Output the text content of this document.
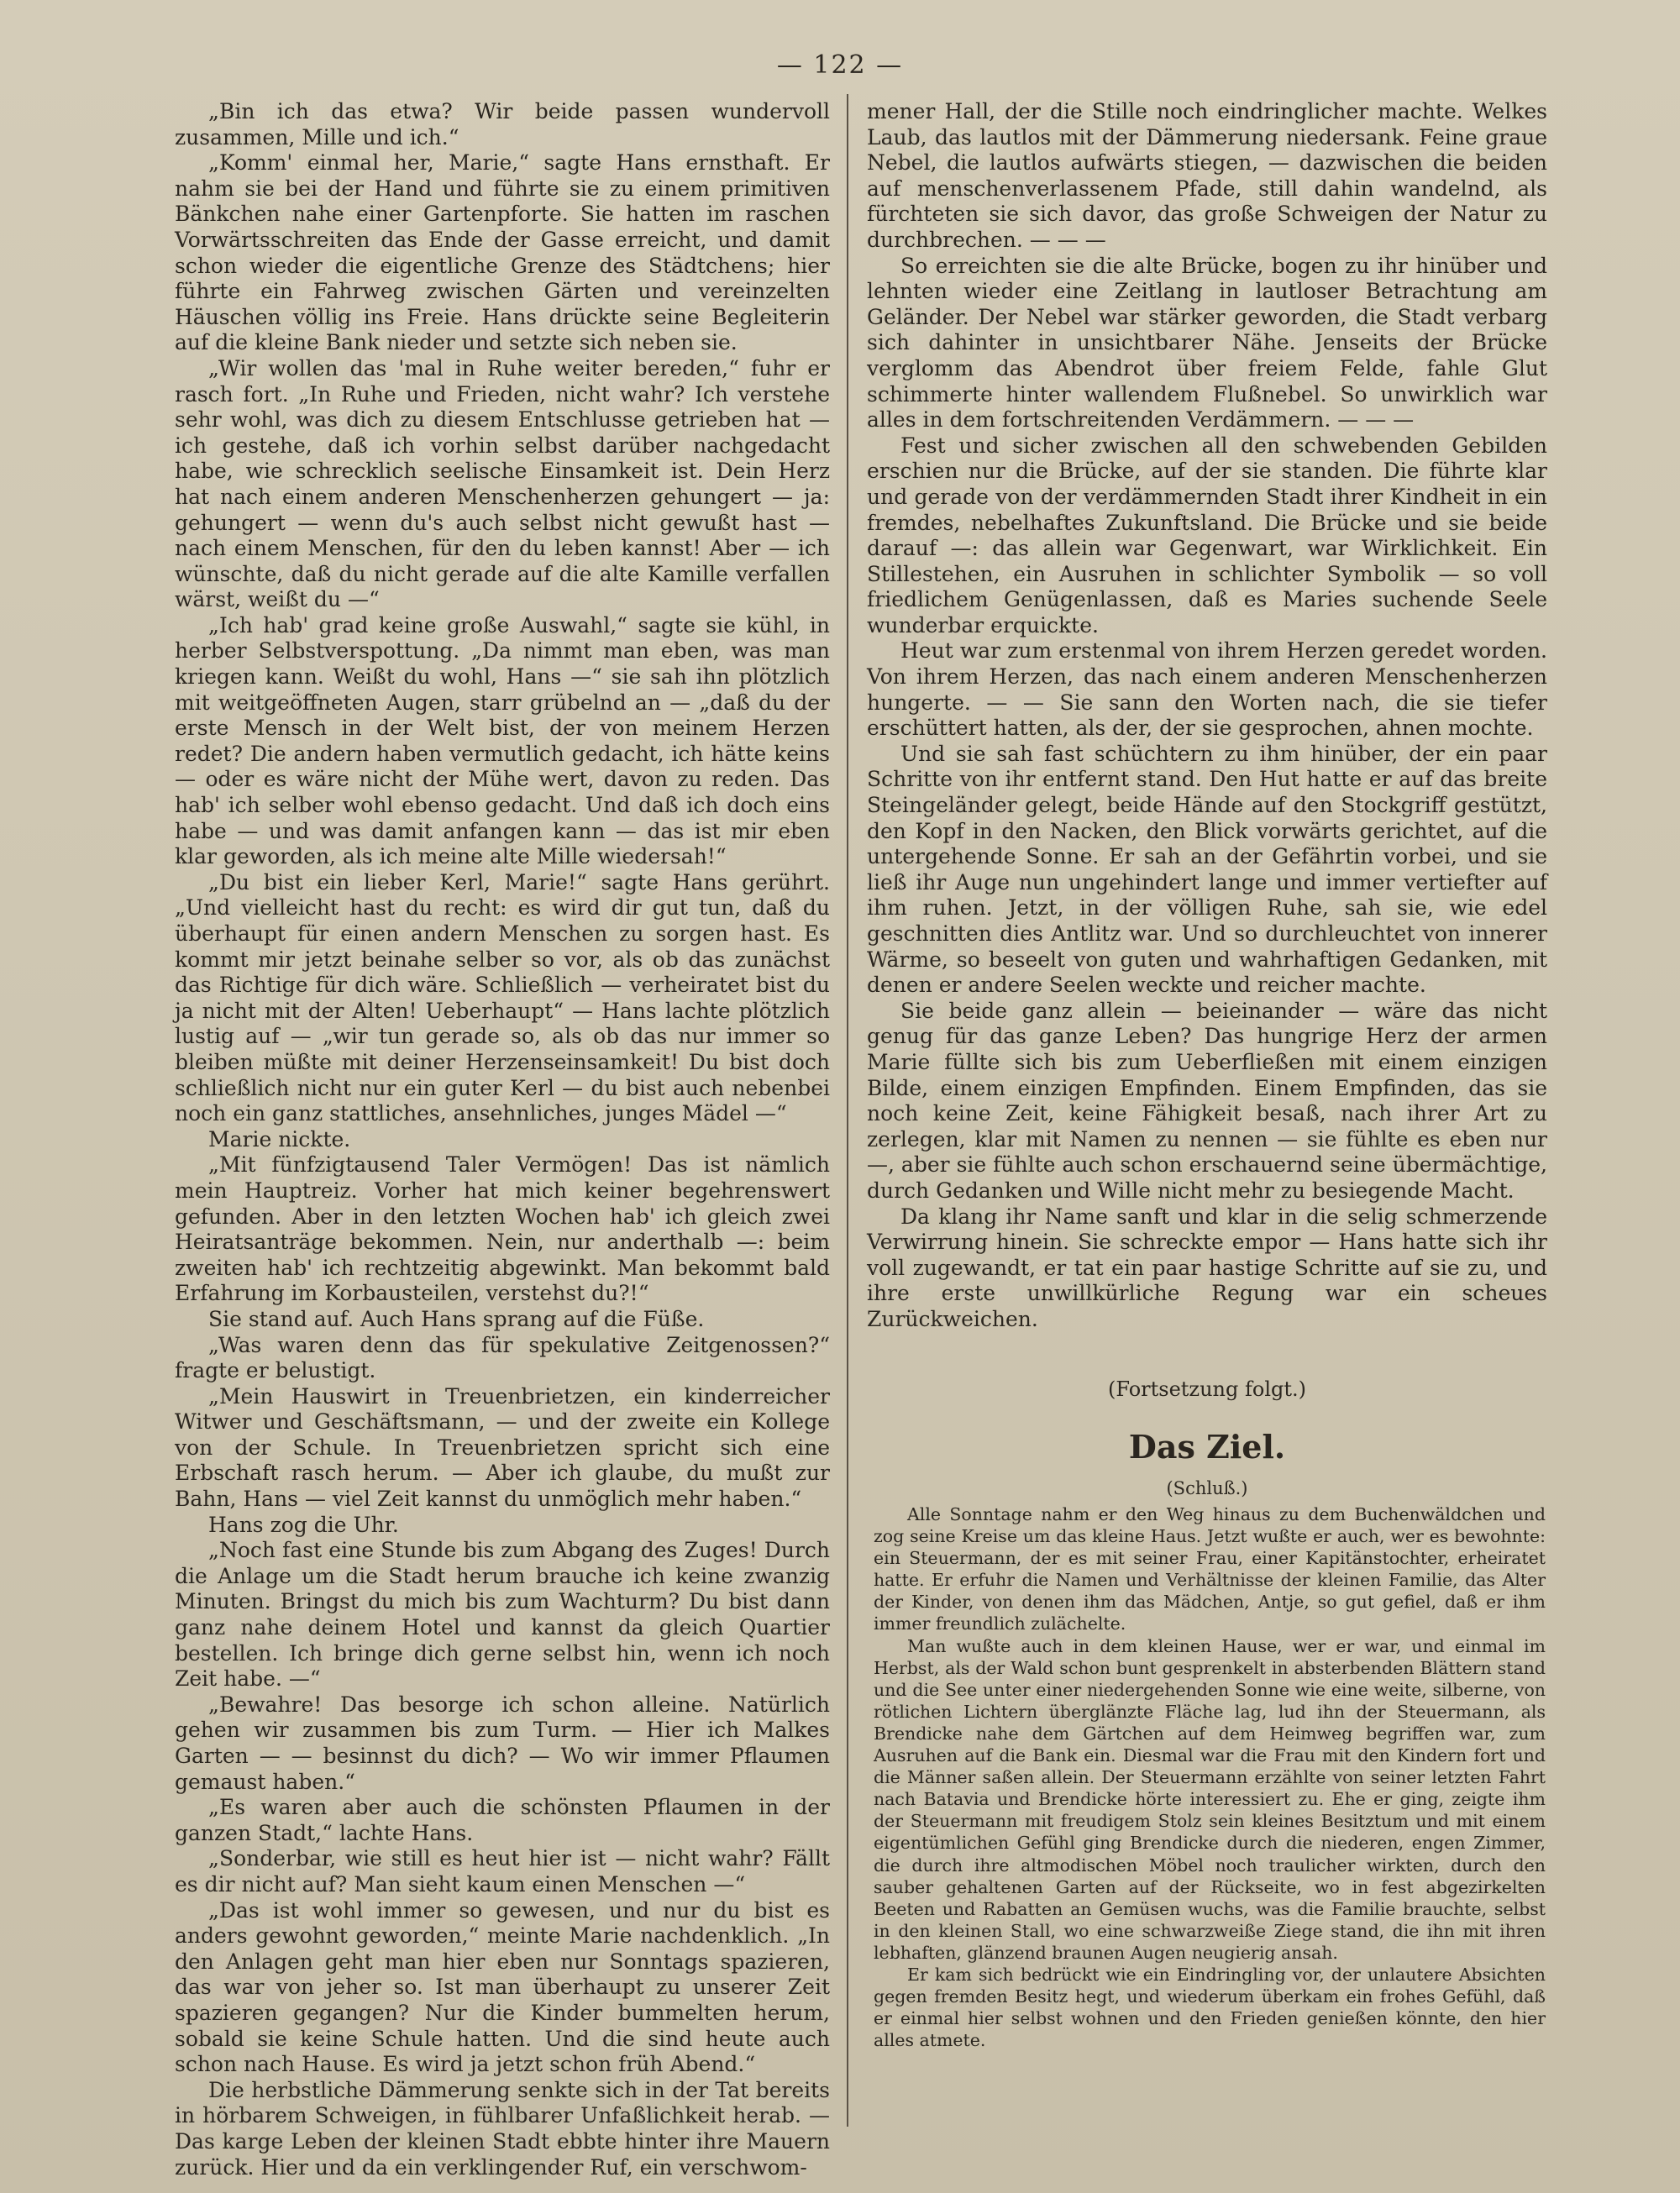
— 122 —

„Bin ich das etwa? Wir beide passen wundervoll zusammen, Mille und ich.“

„Komm' einmal her, Marie,“ sagte Hans ernsthaft. Er nahm sie bei der Hand und führte sie zu einem primitiven Bänkchen nahe einer Gartenpforte. Sie hatten im raschen Vorwärtsschreiten das Ende der Gasse erreicht, und damit schon wieder die eigentliche Grenze des Städtchens; hier führte ein Fahrweg zwischen Gärten und vereinzelten Häuschen völlig ins Freie. Hans drückte seine Begleiterin auf die kleine Bank nieder und setzte sich neben sie.

„Wir wollen das 'mal in Ruhe weiter bereden,“ fuhr er rasch fort. „In Ruhe und Frieden, nicht wahr? Ich verstehe sehr wohl, was dich zu diesem Entschlusse getrieben hat — ich gestehe, daß ich vorhin selbst darüber nachgedacht habe, wie schrecklich seelische Einsamkeit ist. Dein Herz hat nach einem anderen Menschenherzen gehungert — ja: gehungert — wenn du's auch selbst nicht gewußt hast — nach einem Menschen, für den du leben kannst! Aber — ich wünschte, daß du nicht gerade auf die alte Kamille verfallen wärst, weißt du —“

„Ich hab' grad keine große Auswahl,“ sagte sie kühl, in herber Selbstverspottung. „Da nimmt man eben, was man kriegen kann. Weißt du wohl, Hans —“ sie sah ihn plötzlich mit weitgeöffneten Augen, starr grübelnd an — „daß du der erste Mensch in der Welt bist, der von meinem Herzen redet? Die andern haben vermutlich gedacht, ich hätte keins — oder es wäre nicht der Mühe wert, davon zu reden. Das hab' ich selber wohl ebenso gedacht. Und daß ich doch eins habe — und was damit anfangen kann — das ist mir eben klar geworden, als ich meine alte Mille wiedersah!“

„Du bist ein lieber Kerl, Marie!“ sagte Hans gerührt. „Und vielleicht hast du recht: es wird dir gut tun, daß du überhaupt für einen andern Menschen zu sorgen hast. Es kommt mir jetzt beinahe selber so vor, als ob das zunächst das Richtige für dich wäre. Schließlich — verheiratet bist du ja nicht mit der Alten! Ueberhaupt“ — Hans lachte plötzlich lustig auf — „wir tun gerade so, als ob das nur immer so bleiben müßte mit deiner Herzenseinsamkeit! Du bist doch schließlich nicht nur ein guter Kerl — du bist auch nebenbei noch ein ganz stattliches, ansehnliches, junges Mädel —“

Marie nickte.

„Mit fünfzigtausend Taler Vermögen! Das ist nämlich mein Hauptreiz. Vorher hat mich keiner begehrenswert gefunden. Aber in den letzten Wochen hab' ich gleich zwei Heiratsanträge bekommen. Nein, nur anderthalb —: beim zweiten hab' ich rechtzeitig abgewinkt. Man bekommt bald Erfahrung im Korbausteilen, verstehst du?!“

Sie stand auf. Auch Hans sprang auf die Füße.

„Was waren denn das für spekulative Zeitgenossen?“ fragte er belustigt.

„Mein Hauswirt in Treuenbrietzen, ein kinderreicher Witwer und Geschäftsmann, — und der zweite ein Kollege von der Schule. In Treuenbrietzen spricht sich eine Erbschaft rasch herum. — Aber ich glaube, du mußt zur Bahn, Hans — viel Zeit kannst du unmöglich mehr haben.“

Hans zog die Uhr.

„Noch fast eine Stunde bis zum Abgang des Zuges! Durch die Anlage um die Stadt herum brauche ich keine zwanzig Minuten. Bringst du mich bis zum Wachturm? Du bist dann ganz nahe deinem Hotel und kannst da gleich Quartier bestellen. Ich bringe dich gerne selbst hin, wenn ich noch Zeit habe. —“

„Bewahre! Das besorge ich schon alleine. Natürlich gehen wir zusammen bis zum Turm. — Hier ich Malkes Garten — — besinnst du dich? — Wo wir immer Pflaumen gemaust haben.“

„Es waren aber auch die schönsten Pflaumen in der ganzen Stadt,“ lachte Hans.

„Sonderbar, wie still es heut hier ist — nicht wahr? Fällt es dir nicht auf? Man sieht kaum einen Menschen —“

„Das ist wohl immer so gewesen, und nur du bist es anders gewohnt geworden,“ meinte Marie nachdenklich. „In den Anlagen geht man hier eben nur Sonntags spazieren, das war von jeher so. Ist man überhaupt zu unserer Zeit spazieren gegangen? Nur die Kinder bummelten herum, sobald sie keine Schule hatten. Und die sind heute auch schon nach Hause. Es wird ja jetzt schon früh Abend.“

Die herbstliche Dämmerung senkte sich in der Tat bereits in hörbarem Schweigen, in fühlbarer Unfaßlichkeit herab. — Das karge Leben der kleinen Stadt ebbte hinter ihre Mauern zurück. Hier und da ein verklingender Ruf, ein verschwom-

mener Hall, der die Stille noch eindringlicher machte. Welkes Laub, das lautlos mit der Dämmerung niedersank. Feine graue Nebel, die lautlos aufwärts stiegen, — dazwischen die beiden auf menschenverlassenem Pfade, still dahin wandelnd, als fürchteten sie sich davor, das große Schweigen der Natur zu durchbrechen. — — —

So erreichten sie die alte Brücke, bogen zu ihr hinüber und lehnten wieder eine Zeitlang in lautloser Betrachtung am Geländer. Der Nebel war stärker geworden, die Stadt verbarg sich dahinter in unsichtbarer Nähe. Jenseits der Brücke verglomm das Abendrot über freiem Felde, fahle Glut schimmerte hinter wallendem Flußnebel. So unwirklich war alles in dem fortschreitenden Verdämmern. — — —

Fest und sicher zwischen all den schwebenden Gebilden erschien nur die Brücke, auf der sie standen. Die führte klar und gerade von der verdämmernden Stadt ihrer Kindheit in ein fremdes, nebelhaftes Zukunftsland. Die Brücke und sie beide darauf —: das allein war Gegenwart, war Wirklichkeit. Ein Stillestehen, ein Ausruhen in schlichter Symbolik — so voll friedlichem Genügenlassen, daß es Maries suchende Seele wunderbar erquickte.

Heut war zum erstenmal von ihrem Herzen geredet worden. Von ihrem Herzen, das nach einem anderen Menschenherzen hungerte. — — Sie sann den Worten nach, die sie tiefer erschüttert hatten, als der, der sie gesprochen, ahnen mochte.

Und sie sah fast schüchtern zu ihm hinüber, der ein paar Schritte von ihr entfernt stand. Den Hut hatte er auf das breite Steingeländer gelegt, beide Hände auf den Stockgriff gestützt, den Kopf in den Nacken, den Blick vorwärts gerichtet, auf die untergehende Sonne. Er sah an der Gefährtin vorbei, und sie ließ ihr Auge nun ungehindert lange und immer vertiefter auf ihm ruhen. Jetzt, in der völligen Ruhe, sah sie, wie edel geschnitten dies Antlitz war. Und so durchleuchtet von innerer Wärme, so beseelt von guten und wahrhaftigen Gedanken, mit denen er andere Seelen weckte und reicher machte.

Sie beide ganz allein — beieinander — wäre das nicht genug für das ganze Leben? Das hungrige Herz der armen Marie füllte sich bis zum Ueberfließen mit einem einzigen Bilde, einem einzigen Empfinden. Einem Empfinden, das sie noch keine Zeit, keine Fähigkeit besaß, nach ihrer Art zu zerlegen, klar mit Namen zu nennen — sie fühlte es eben nur —, aber sie fühlte auch schon erschauernd seine übermächtige, durch Gedanken und Wille nicht mehr zu besiegende Macht.

Da klang ihr Name sanft und klar in die selig schmerzende Verwirrung hinein. Sie schreckte empor — Hans hatte sich ihr voll zugewandt, er tat ein paar hastige Schritte auf sie zu, und ihre erste unwillkürliche Regung war ein scheues Zurückweichen.

(Fortsetzung folgt.)
Das Ziel.
(Schluß.)

Alle Sonntage nahm er den Weg hinaus zu dem Buchenwäldchen und zog seine Kreise um das kleine Haus. Jetzt wußte er auch, wer es bewohnte: ein Steuermann, der es mit seiner Frau, einer Kapitänstochter, erheiratet hatte. Er erfuhr die Namen und Verhältnisse der kleinen Familie, das Alter der Kinder, von denen ihm das Mädchen, Antje, so gut gefiel, daß er ihm immer freundlich zulächelte.

Man wußte auch in dem kleinen Hause, wer er war, und einmal im Herbst, als der Wald schon bunt gesprenkelt in absterbenden Blättern stand und die See unter einer niedergehenden Sonne wie eine weite, silberne, von rötlichen Lichtern überglänzte Fläche lag, lud ihn der Steuermann, als Brendicke nahe dem Gärtchen auf dem Heimweg begriffen war, zum Ausruhen auf die Bank ein. Diesmal war die Frau mit den Kindern fort und die Männer saßen allein. Der Steuermann erzählte von seiner letzten Fahrt nach Batavia und Brendicke hörte interessiert zu. Ehe er ging, zeigte ihm der Steuermann mit freudigem Stolz sein kleines Besitztum und mit einem eigentümlichen Gefühl ging Brendicke durch die niederen, engen Zimmer, die durch ihre altmodischen Möbel noch traulicher wirkten, durch den sauber gehaltenen Garten auf der Rückseite, wo in fest abgezirkelten Beeten und Rabatten an Gemüsen wuchs, was die Familie brauchte, selbst in den kleinen Stall, wo eine schwarzweiße Ziege stand, die ihn mit ihren lebhaften, glänzend braunen Augen neugierig ansah.

Er kam sich bedrückt wie ein Eindringling vor, der unlautere Absichten gegen fremden Besitz hegt, und wiederum überkam ein frohes Gefühl, daß er einmal hier selbst wohnen und den Frieden genießen könnte, den hier alles atmete.
